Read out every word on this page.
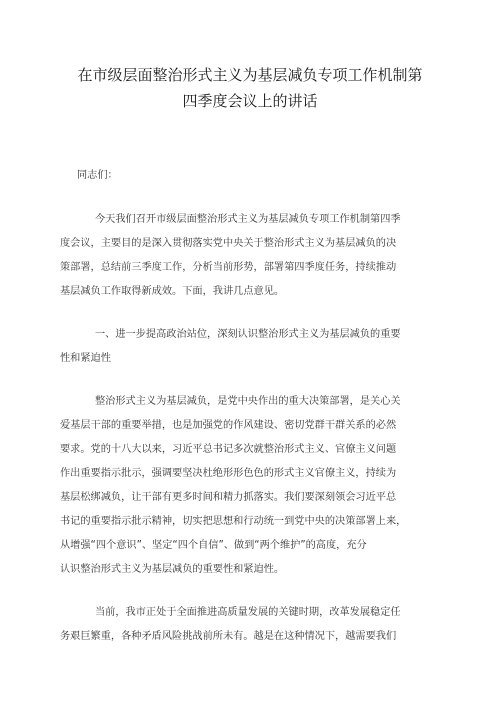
在市级层面整治形式主义为基层减负专项工作机制第
四季度会议上的讲话
同志们：
今天我们召开市级层面整治形式主义为基层减负专项工作机制第四季
度会议，主要目的是深入贯彻落实党中央关于整治形式主义为基层减负的决
策部署，总结前三季度工作，分析当前形势，部署第四季度任务，持续推动
基层减负工作取得新成效。下面，我讲几点意见。
一、进一步提高政治站位，深刻认识整治形式主义为基层减负的重要
性和紧迫性
整治形式主义为基层减负，是党中央作出的重大决策部署，是关心关
爱基层干部的重要举措，也是加强党的作风建设、密切党群干群关系的必然
要求。党的十八大以来，习近平总书记多次就整治形式主义、官僚主义问题
作出重要指示批示，强调要坚决杜绝形形色色的形式主义官僚主义，持续为
基层松绑减负，让干部有更多时间和精力抓落实。我们要深刻领会习近平总
书记的重要指示批示精神，切实把思想和行动统一到党中央的决策部署上来，
从增强“四个意识”、坚定“四个自信”、做到“两个维护”的高度，充分
认识整治形式主义为基层减负的重要性和紧迫性。
当前，我市正处于全面推进高质量发展的关键时期，改革发展稳定任
务艰巨繁重，各种矛盾风险挑战前所未有。越是在这种情况下，越需要我们
